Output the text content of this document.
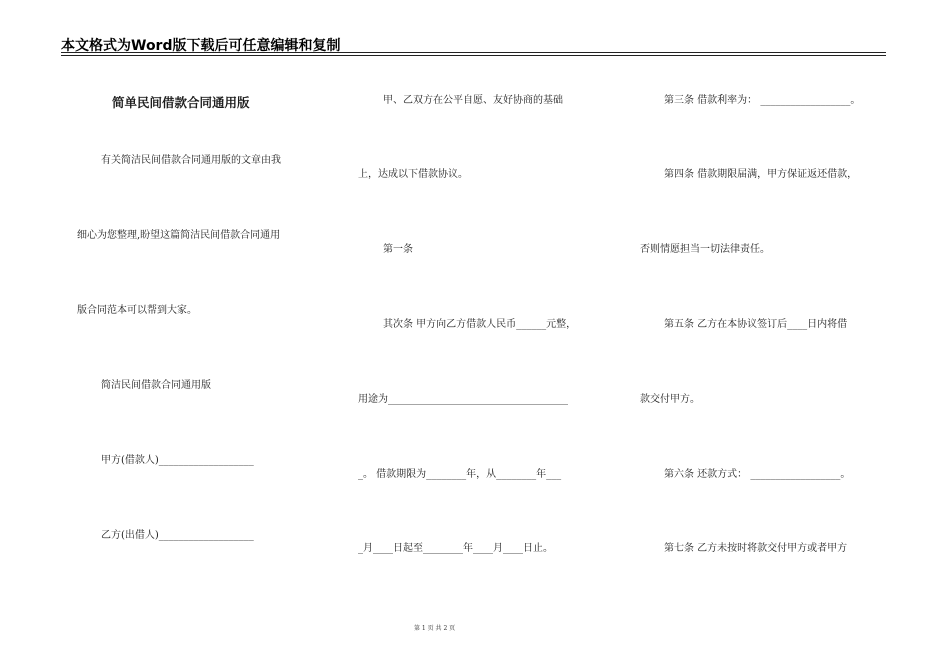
本文格式为Word版下载后可任意编辑和复制
简单民间借款合同通用版
有关简洁民间借款合同通用版的文章由我
细心为您整理,盼望这篇简洁民间借款合同通用
版合同范本可以帮到大家。
简洁民间借款合同通用版
甲方(借款人)___________________
乙方(出借人)___________________
甲、乙双方在公平自愿、友好协商的基础
上，达成以下借款协议。
第一条
其次条 甲方向乙方借款人民币______元整，
用途为____________________________________
_。 借款期限为________年，从________年___
_月____日起至________年____月____日止。
第三条 借款利率为： __________________。
第四条 借款期限届满，甲方保证返还借款，
否则情愿担当一切法律责任。
第五条 乙方在本协议签订后____日内将借
款交付甲方。
第六条 还款方式： __________________。
第七条 乙方未按时将款交付甲方或者甲方
第 1 页 共 2 页
